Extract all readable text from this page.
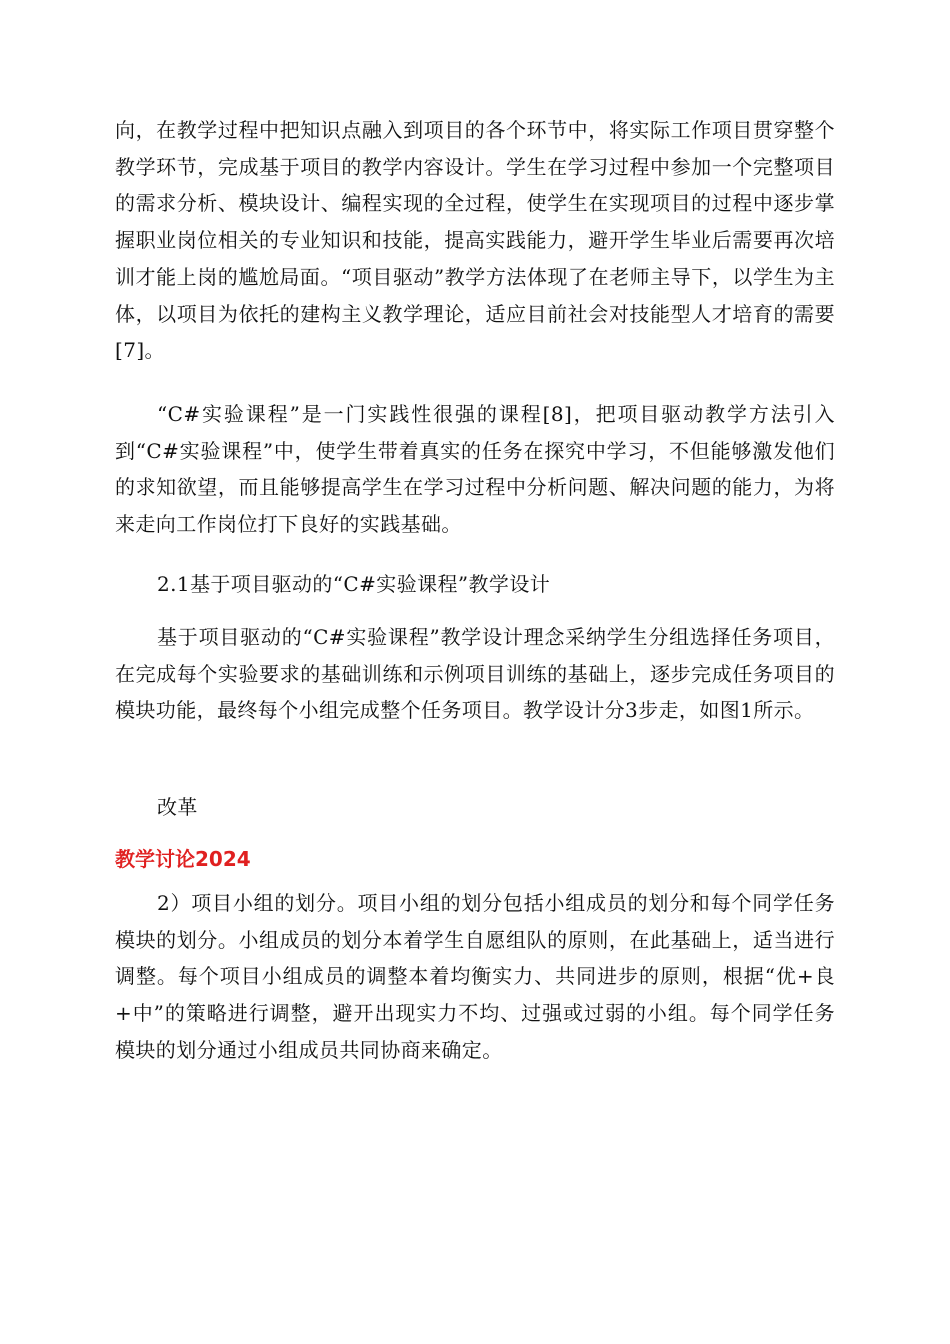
向，在教学过程中把知识点融入到项目的各个环节中，将实际工作项目贯穿整个教学环节，完成基于项目的教学内容设计。学生在学习过程中参加一个完整项目的需求分析、模块设计、编程实现的全过程，使学生在实现项目的过程中逐步掌握职业岗位相关的专业知识和技能，提高实践能力，避开学生毕业后需要再次培训才能上岗的尴尬局面。“项目驱动”教学方法体现了在老师主导下，以学生为主体，以项目为依托的建构主义教学理论，适应目前社会对技能型人才培育的需要[7]。

“C#实验课程”是一门实践性很强的课程[8]，把项目驱动教学方法引入到“C#实验课程”中，使学生带着真实的任务在探究中学习，不但能够激发他们的求知欲望，而且能够提高学生在学习过程中分析问题、解决问题的能力，为将来走向工作岗位打下良好的实践基础。

2.1基于项目驱动的“C#实验课程”教学设计

基于项目驱动的“C#实验课程”教学设计理念采纳学生分组选择任务项目，在完成每个实验要求的基础训练和示例项目训练的基础上，逐步完成任务项目的模块功能，最终每个小组完成整个任务项目。教学设计分3步走，如图1所示。

改革

教学讨论2024

2）项目小组的划分。项目小组的划分包括小组成员的划分和每个同学任务模块的划分。小组成员的划分本着学生自愿组队的原则，在此基础上，适当进行调整。每个项目小组成员的调整本着均衡实力、共同进步的原则，根据“优+良+中”的策略进行调整，避开出现实力不均、过强或过弱的小组。每个同学任务模块的划分通过小组成员共同协商来确定。
